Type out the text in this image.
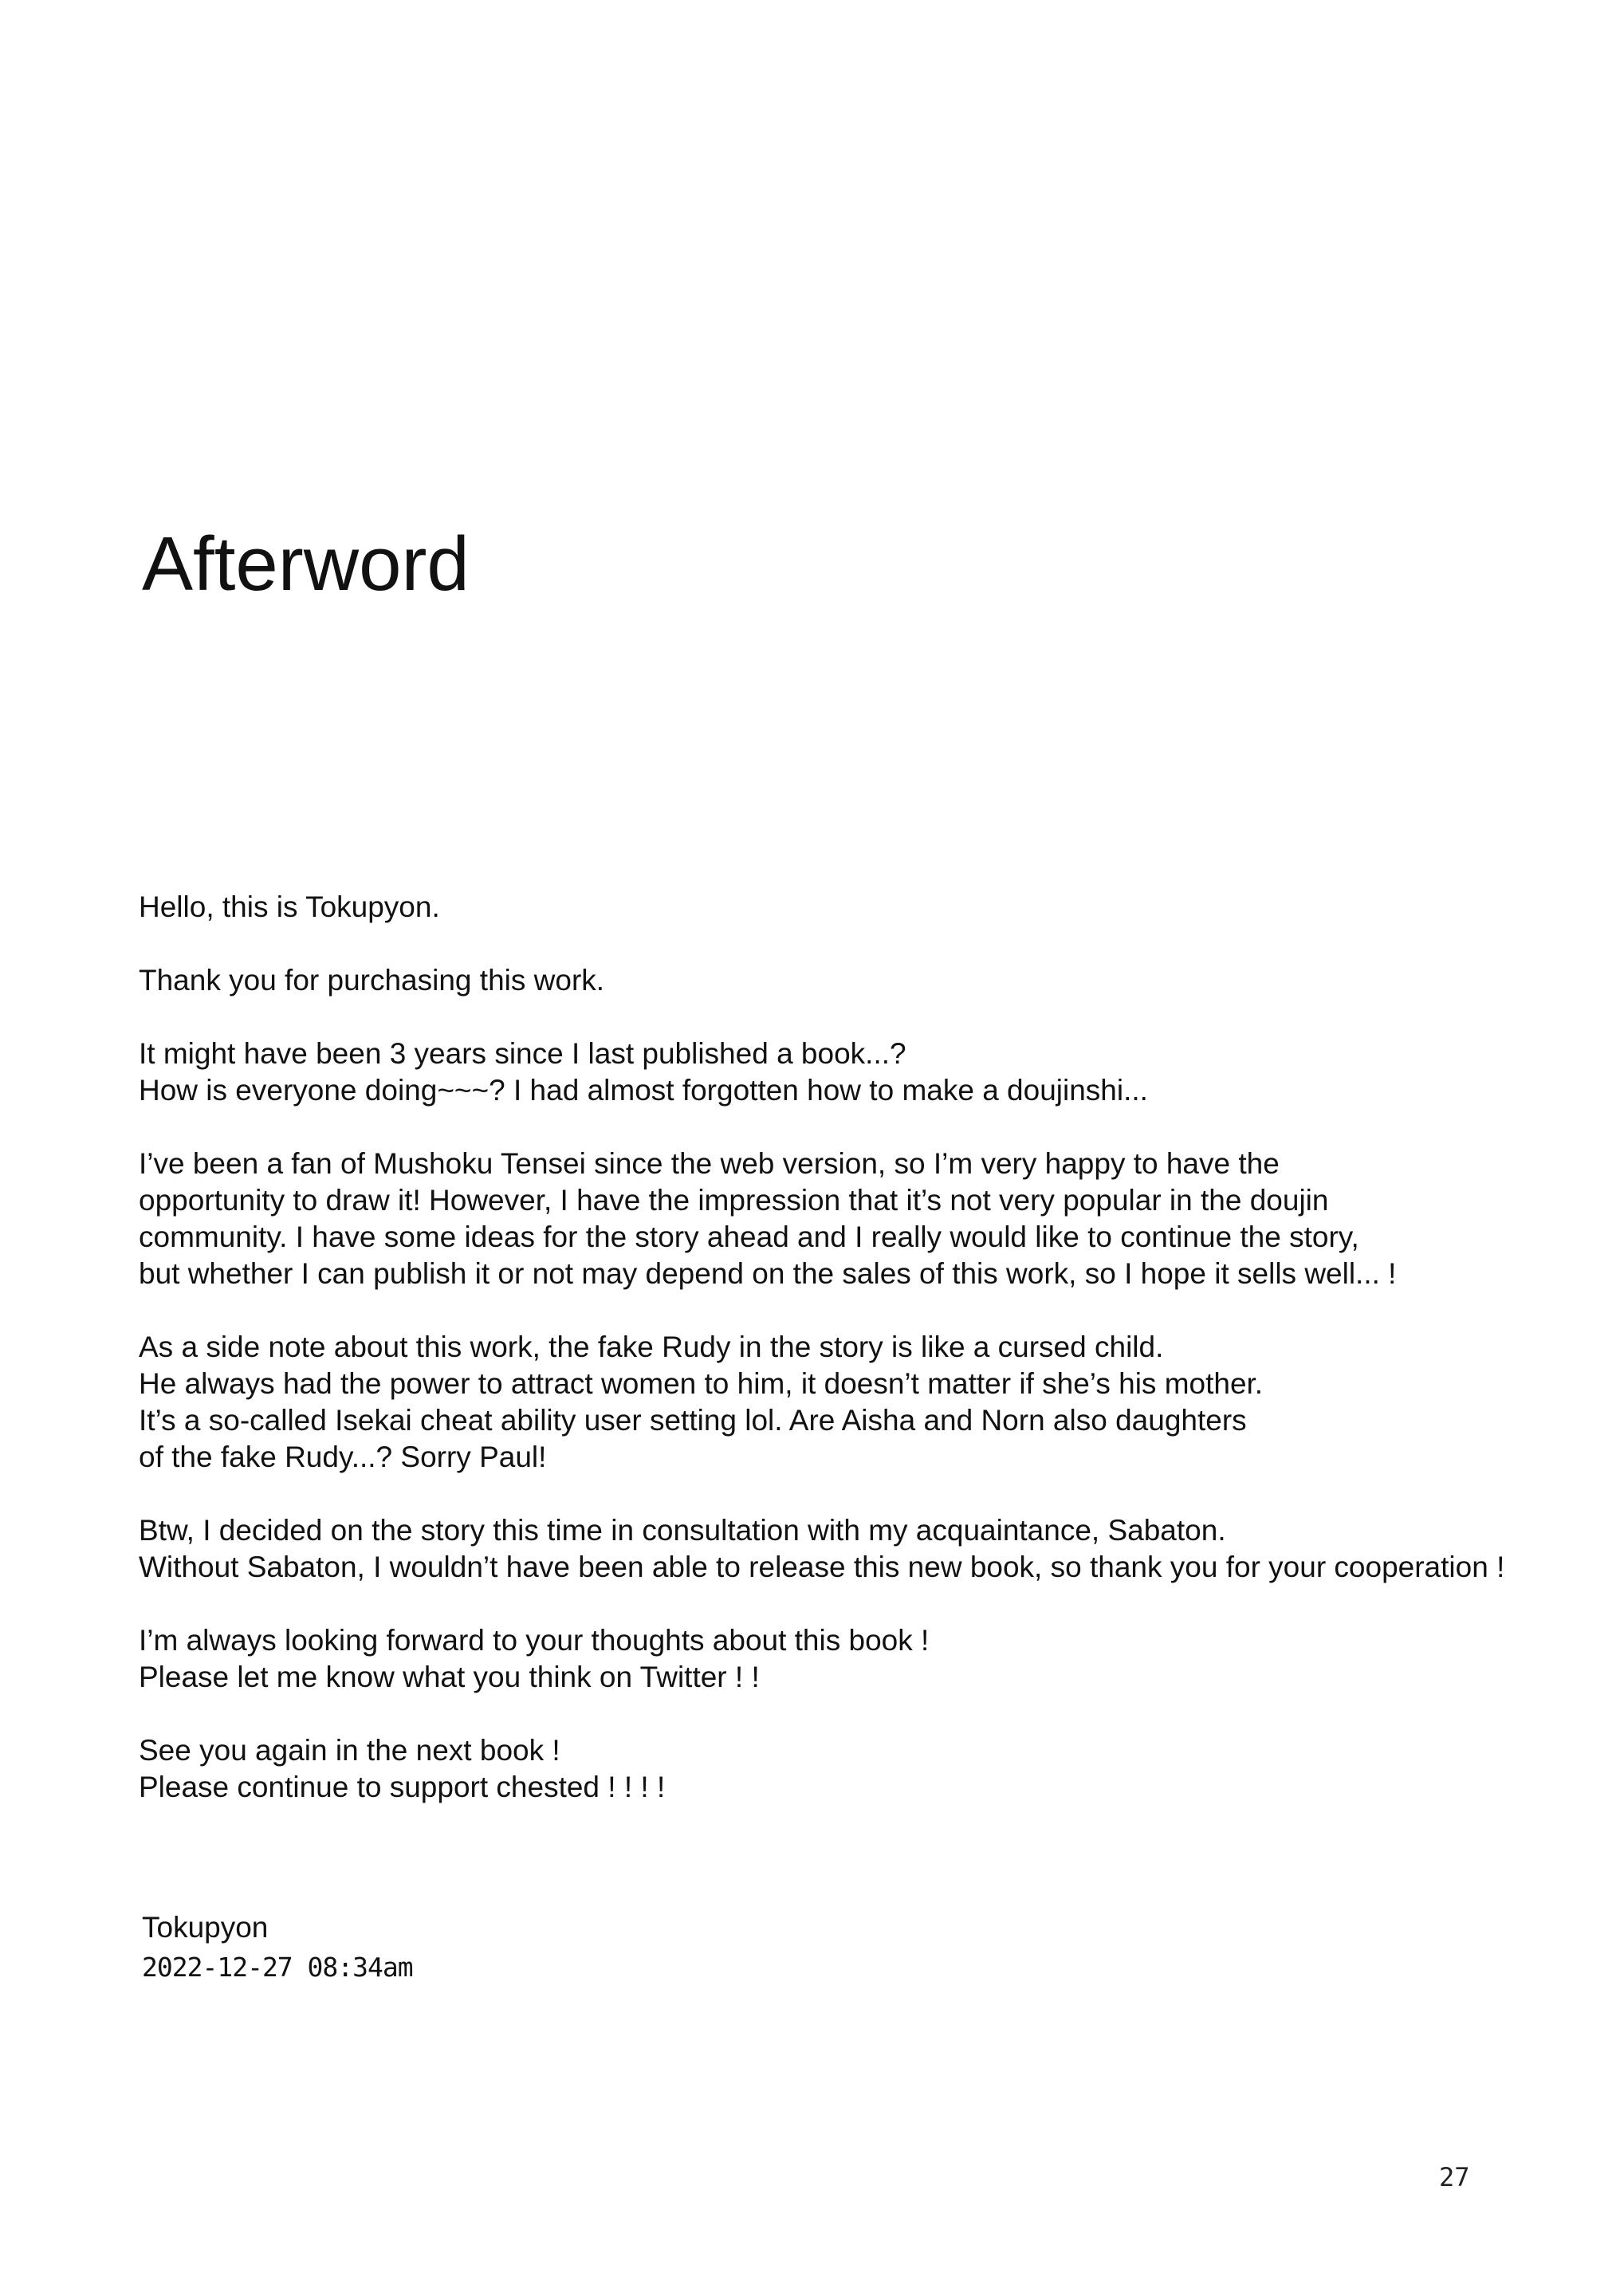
Afterword

Hello, this is Tokupyon.

Thank you for purchasing this work.

It might have been 3 years since I last published a book...?
How is everyone doing~~~? I had almost forgotten how to make a doujinshi...

I’ve been a fan of Mushoku Tensei since the web version, so I’m very happy to have the
opportunity to draw it! However, I have the impression that it’s not very popular in the doujin
community. I have some ideas for the story ahead and I really would like to continue the story,
but whether I can publish it or not may depend on the sales of this work, so I hope it sells well... !

As a side note about this work, the fake Rudy in the story is like a cursed child.
He always had the power to attract women to him, it doesn’t matter if she’s his mother.
It’s a so-called Isekai cheat ability user setting lol. Are Aisha and Norn also daughters
of the fake Rudy...? Sorry Paul!

Btw, I decided on the story this time in consultation with my acquaintance, Sabaton.
Without Sabaton, I wouldn’t have been able to release this new book, so thank you for your cooperation !

I’m always looking forward to your thoughts about this book !
Please let me know what you think on Twitter ! !

See you again in the next book !
Please continue to support chested ! ! ! !

Tokupyon
2022-12-27 08:34am
27
